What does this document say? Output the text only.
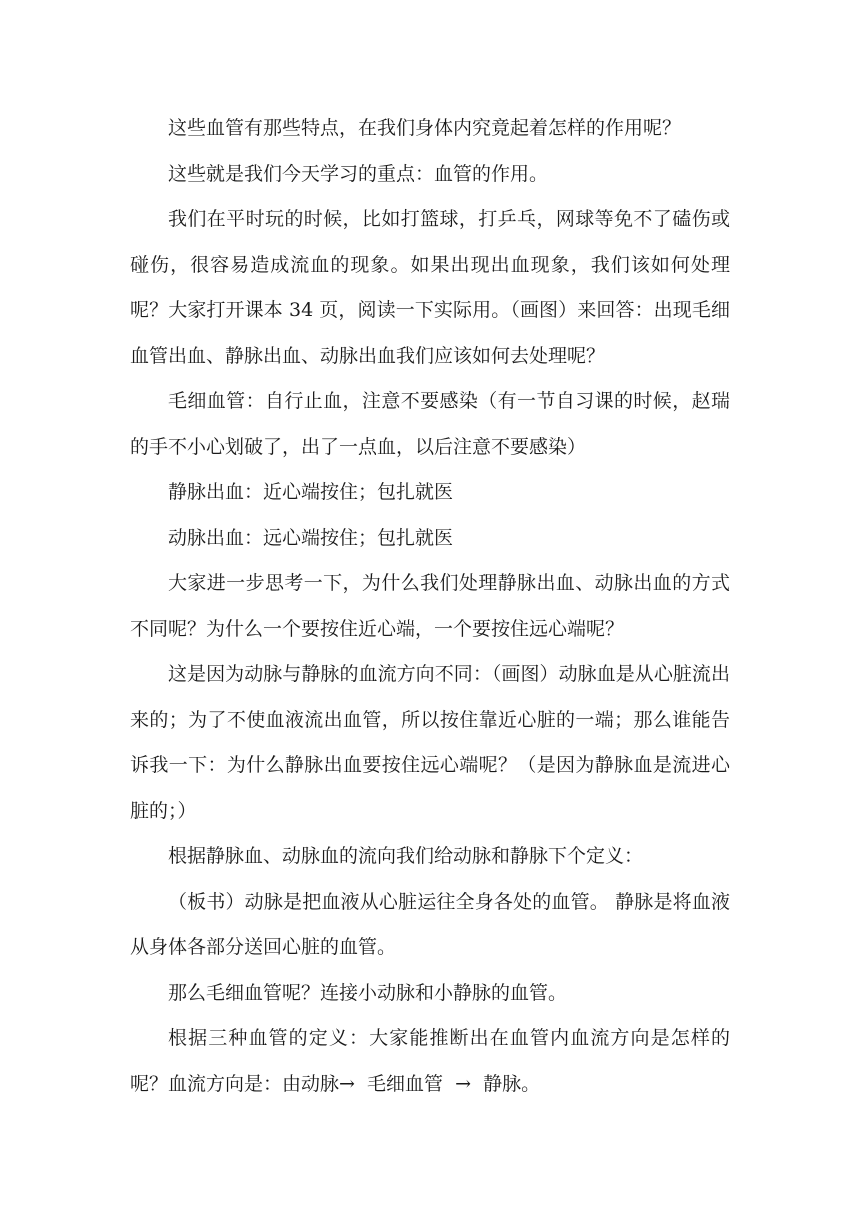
这些血管有那些特点，在我们身体内究竟起着怎样的作用呢？

这些就是我们今天学习的重点：血管的作用。

我们在平时玩的时候，比如打篮球，打乒乓，网球等免不了磕伤或碰伤，很容易造成流血的现象。如果出现出血现象，我们该如何处理呢？大家打开课本 34 页，阅读一下实际用。（画图）来回答：出现毛细血管出血、静脉出血、动脉出血我们应该如何去处理呢？

毛细血管：自行止血，注意不要感染（有一节自习课的时候，赵瑞的手不小心划破了，出了一点血，以后注意不要感染）

静脉出血：近心端按住；包扎就医

动脉出血：远心端按住；包扎就医

大家进一步思考一下，为什么我们处理静脉出血、动脉出血的方式不同呢？为什么一个要按住近心端，一个要按住远心端呢？

这是因为动脉与静脉的血流方向不同：（画图）动脉血是从心脏流出来的；为了不使血液流出血管，所以按住靠近心脏的一端；那么谁能告诉我一下：为什么静脉出血要按住远心端呢？（是因为静脉血是流进心脏的；）

根据静脉血、动脉血的流向我们给动脉和静脉下个定义：

（板书）动脉是把血液从心脏运往全身各处的血管。 静脉是将血液从身体各部分送回心脏的血管。

那么毛细血管呢？连接小动脉和小静脉的血管。

根据三种血管的定义：大家能推断出在血管内血流方向是怎样的呢？血流方向是：由动脉→  毛细血管  →  静脉。
